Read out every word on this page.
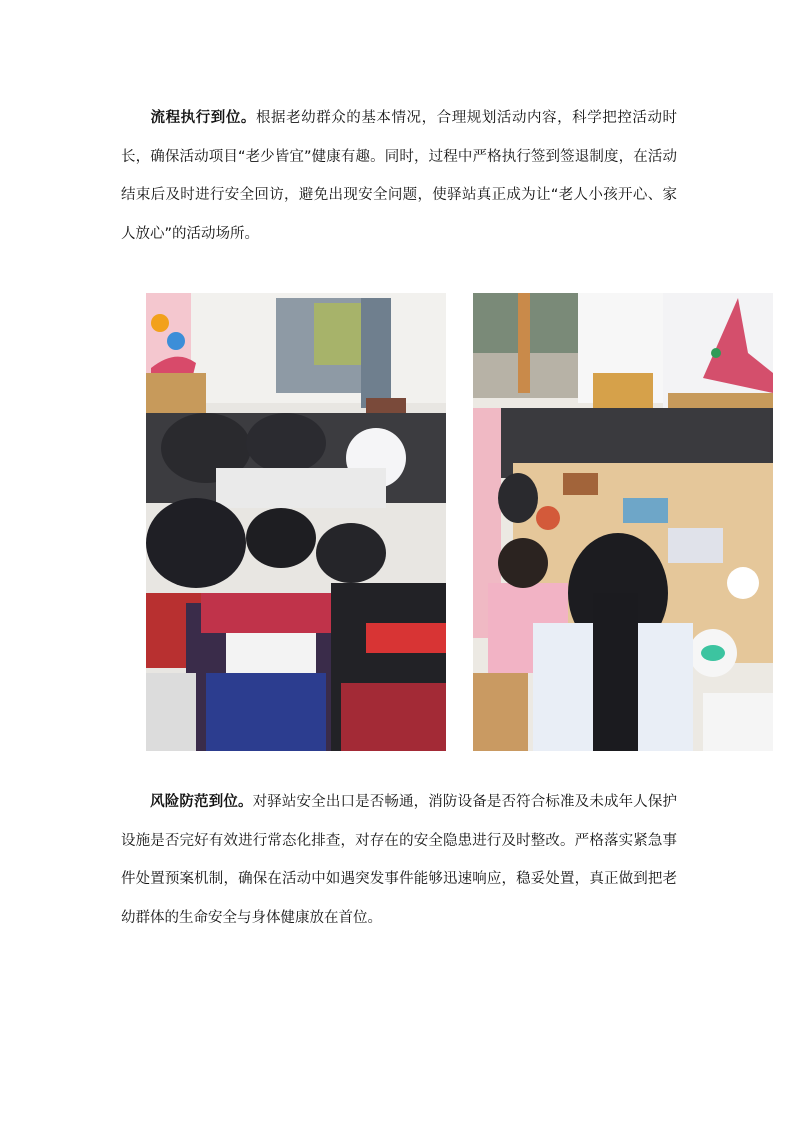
流程执行到位。根据老幼群众的基本情况，合理规划活动内容，科学把控活动时长，确保活动项目“老少皆宜”健康有趣。同时，过程中严格执行签到签退制度，在活动结束后及时进行安全回访，避免出现安全问题，使驿站真正成为让“老人小孩开心、家人放心”的活动场所。

风险防范到位。对驿站安全出口是否畅通，消防设备是否符合标准及未成年人保护设施是否完好有效进行常态化排查，对存在的安全隐患进行及时整改。严格落实紧急事件处置预案机制，确保在活动中如遇突发事件能够迅速响应，稳妥处置，真正做到把老幼群体的生命安全与身体健康放在首位。
